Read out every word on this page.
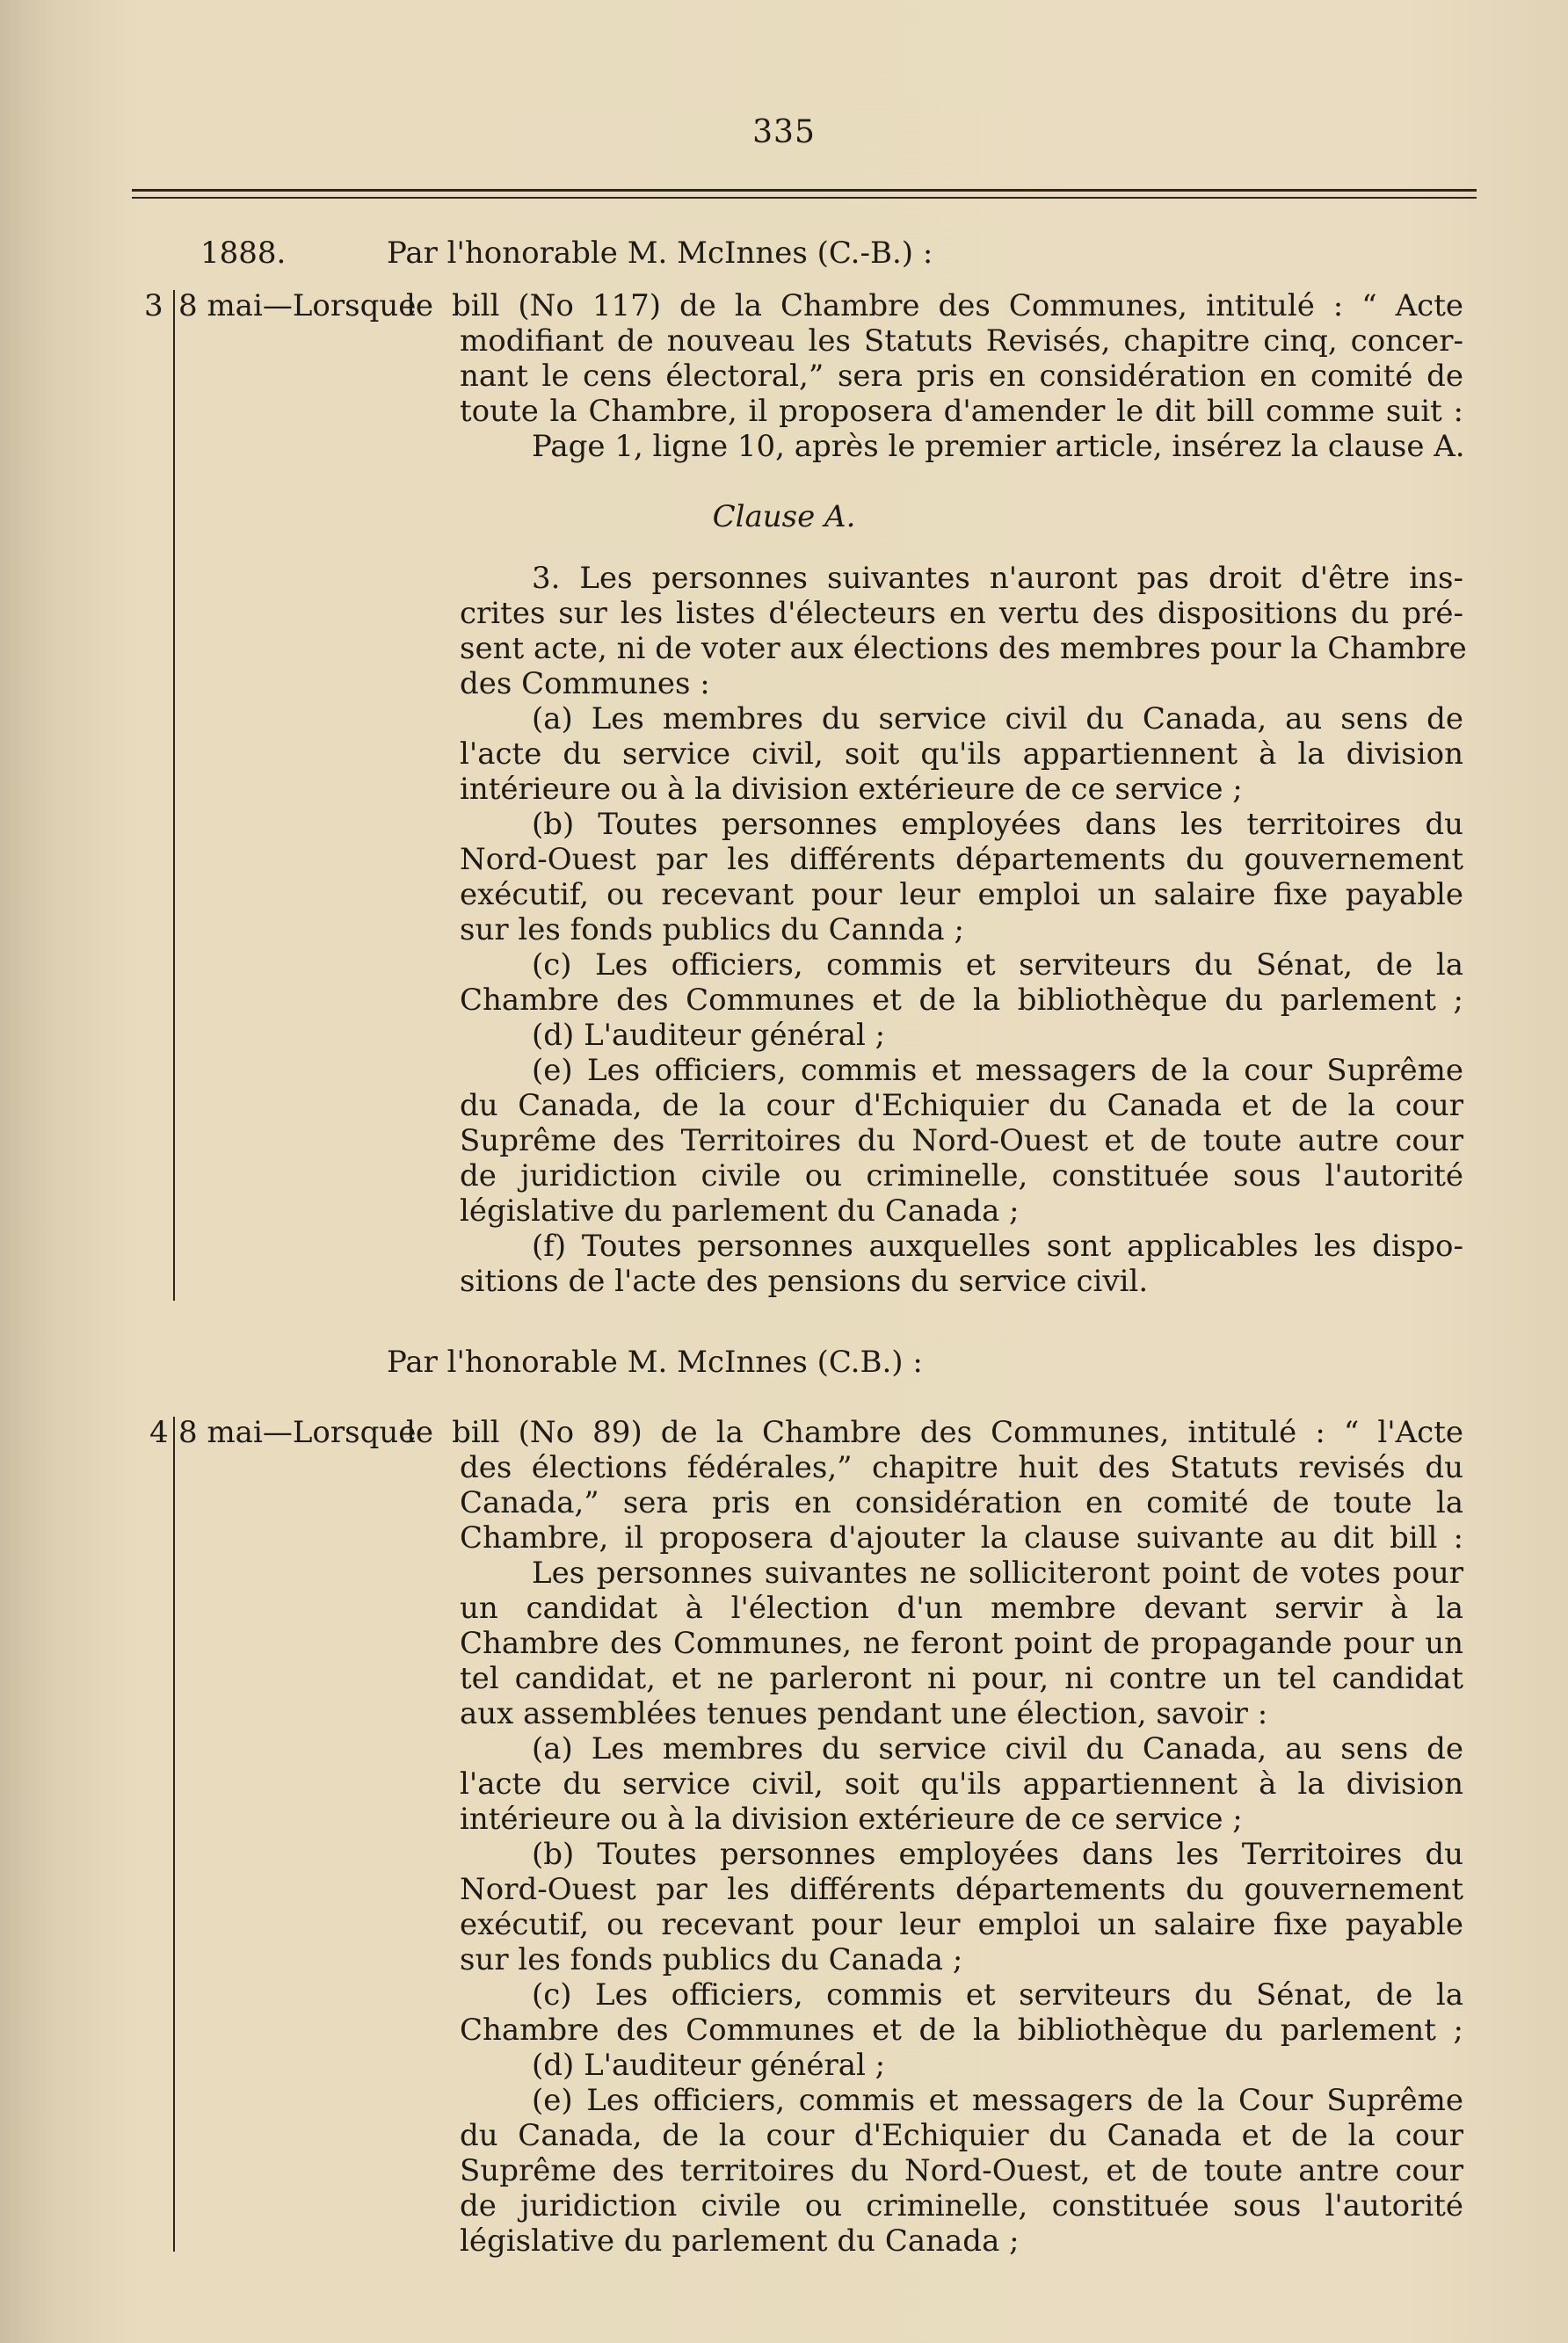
335
1888.	Par l'honorable M. McInnes (C.-B.) :
3 8 mai—Lorsque
le bill (No 117) de la Chambre des Communes, intitulé : “ Acte
modifiant de nouveau les Statuts Revisés, chapitre cinq, concer-
nant le cens électoral,” sera pris en considération en comité de
toute la Chambre, il proposera d'amender le dit bill comme suit :
Page 1, ligne 10, après le premier article, insérez la clause A.
Clause A.
3. Les personnes suivantes n'auront pas droit d'être ins-
crites sur les listes d'électeurs en vertu des dispositions du pré-
sent acte, ni de voter aux élections des membres pour la Chambre
des Communes :
(a) Les membres du service civil du Canada, au sens de
l'acte du service civil, soit qu'ils appartiennent à la division
intérieure ou à la division extérieure de ce service ;
(b) Toutes personnes employées dans les territoires du
Nord-Ouest par les différents départements du gouvernement
exécutif, ou recevant pour leur emploi un salaire fixe payable
sur les fonds publics du Cannda ;
(c) Les officiers, commis et serviteurs du Sénat, de la
Chambre des Communes et de la bibliothèque du parlement ;
(d) L'auditeur général ;
(e) Les officiers, commis et messagers de la cour Suprême
du Canada, de la cour d'Echiquier du Canada et de la cour
Suprême des Territoires du Nord-Ouest et de toute autre cour
de juridiction civile ou criminelle, constituée sous l'autorité
législative du parlement du Canada ;
(f) Toutes personnes auxquelles sont applicables les dispo-
sitions de l'acte des pensions du service civil.
Par l'honorable M. McInnes (C.B.) :
4 8 mai—Lorsque
le bill (No 89) de la Chambre des Communes, intitulé : “ l'Acte
des élections fédérales,” chapitre huit des Statuts revisés du
Canada,” sera pris en considération en comité de toute la
Chambre, il proposera d'ajouter la clause suivante au dit bill :
Les personnes suivantes ne solliciteront point de votes pour
un candidat à l'élection d'un membre devant servir à la
Chambre des Communes, ne feront point de propagande pour un
tel candidat, et ne parleront ni pour, ni contre un tel candidat
aux assemblées tenues pendant une élection, savoir :
(a) Les membres du service civil du Canada, au sens de
l'acte du service civil, soit qu'ils appartiennent à la division
intérieure ou à la division extérieure de ce service ;
(b) Toutes personnes employées dans les Territoires du
Nord-Ouest par les différents départements du gouvernement
exécutif, ou recevant pour leur emploi un salaire fixe payable
sur les fonds publics du Canada ;
(c) Les officiers, commis et serviteurs du Sénat, de la
Chambre des Communes et de la bibliothèque du parlement ;
(d) L'auditeur général ;
(e) Les officiers, commis et messagers de la Cour Suprême
du Canada, de la cour d'Echiquier du Canada et de la cour
Suprême des territoires du Nord-Ouest, et de toute antre cour
de juridiction civile ou criminelle, constituée sous l'autorité
législative du parlement du Canada ;
